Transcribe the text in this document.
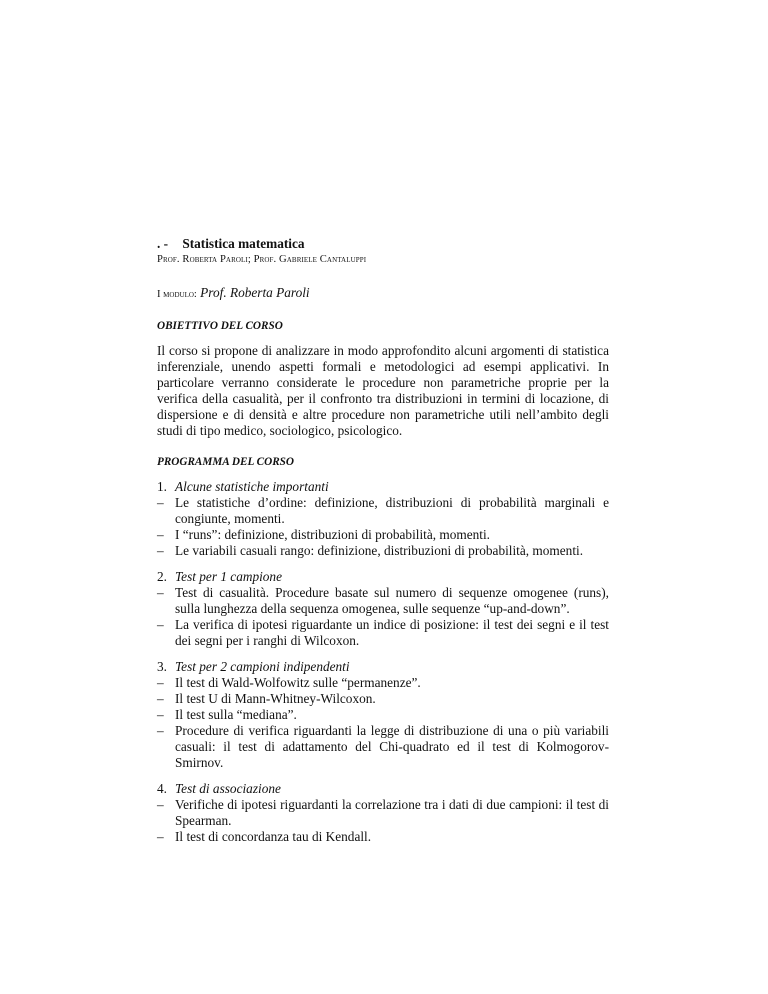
. - Statistica matematica
Prof. Roberta Paroli; Prof. Gabriele Cantaluppi
I modulo: Prof. Roberta Paroli
OBIETTIVO DEL CORSO
Il corso si propone di analizzare in modo approfondito alcuni argomenti di statistica inferenziale, unendo aspetti formali e metodologici ad esempi applicativi. In particolare verranno considerate le procedure non parametriche proprie per la verifica della casualità, per il confronto tra distribuzioni in termini di locazione, di dispersione e di densità e altre procedure non parametriche utili nell’ambito degli studi di tipo medico, sociologico, psicologico.
PROGRAMMA DEL CORSO
1. Alcune statistiche importanti
– Le statistiche d’ordine: definizione, distribuzioni di probabilità marginali e congiunte, momenti.
– I “runs”: definizione, distribuzioni di probabilità, momenti.
– Le variabili casuali rango: definizione, distribuzioni di probabilità, momenti.
2. Test per 1 campione
– Test di casualità. Procedure basate sul numero di sequenze omogenee (runs), sulla lunghezza della sequenza omogenea, sulle sequenze “up-and-down”.
– La verifica di ipotesi riguardante un indice di posizione: il test dei segni e il test dei segni per i ranghi di Wilcoxon.
3. Test per 2 campioni indipendenti
– Il test di Wald-Wolfowitz sulle “permanenze”.
– Il test U di Mann-Whitney-Wilcoxon.
– Il test sulla “mediana”.
– Procedure di verifica riguardanti la legge di distribuzione di una o più variabili casuali: il test di adattamento del Chi-quadrato ed il test di Kolmogorov-Smirnov.
4. Test di associazione
– Verifiche di ipotesi riguardanti la correlazione tra i dati di due campioni: il test di Spearman.
– Il test di concordanza tau di Kendall.
